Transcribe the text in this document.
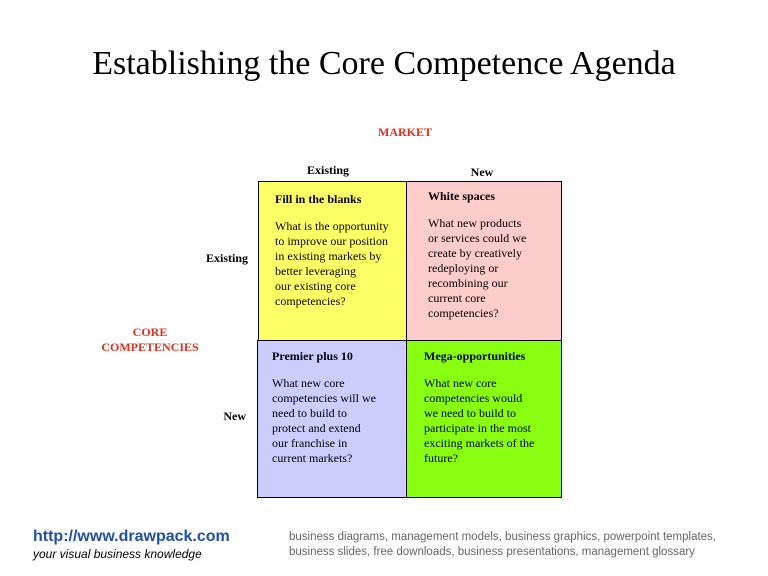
Establishing the Core Competence Agenda
MARKET
Existing	New
CORE COMPETENCIES
Existing
New
Fill in the blanks
What is the opportunity
to improve our position
in existing markets by
better leveraging
our existing core
competencies?
White spaces
What new products
or services could we
create by creatively
redeploying or
recombining our
current core
competencies?
Premier plus 10
What new core
competencies will we
need to build to
protect and extend
our franchise in
current markets?
Mega-opportunities
What new core
competencies would
we need to build to
participate in the most
exciting markets of the
future?
http://www.drawpack.com
your visual business knowledge
business diagrams, management models, business graphics, powerpoint templates, business slides, free downloads, business presentations, management glossary
